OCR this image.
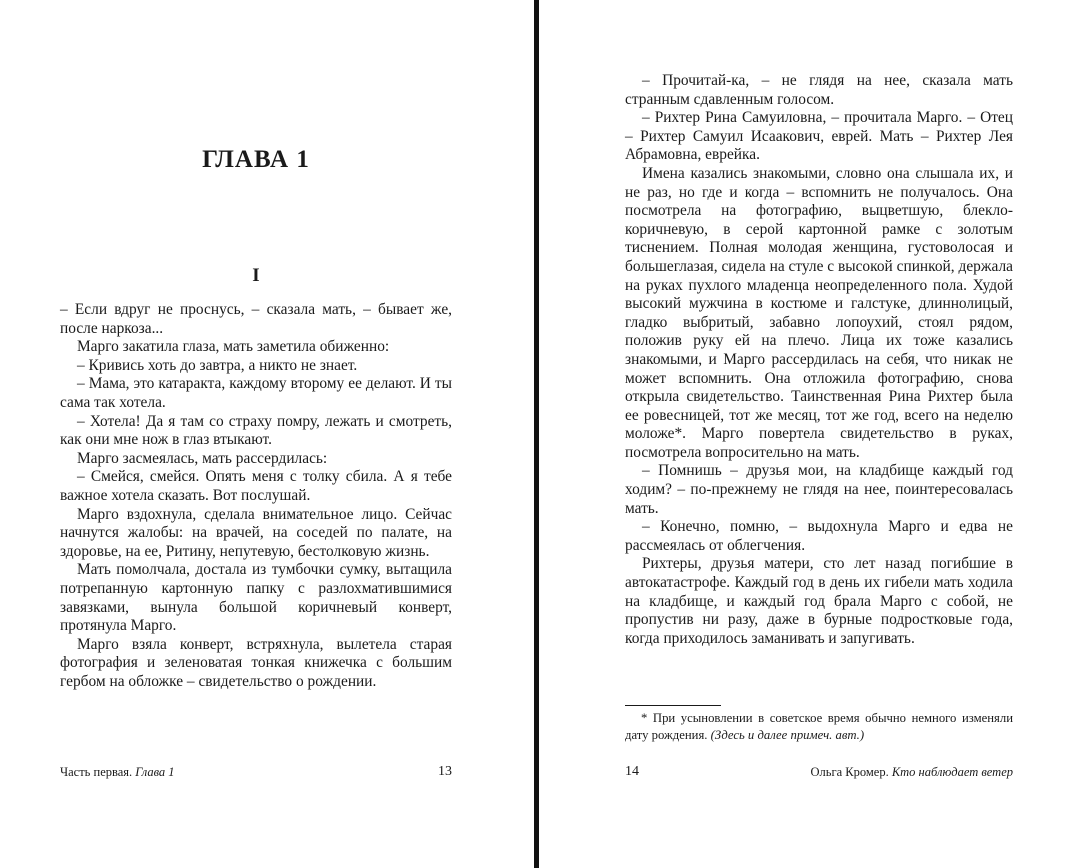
ГЛАВА 1
I

– Если вдруг не проснусь, – сказала мать, – бывает же, после наркоза...

Марго закатила глаза, мать заметила обиженно:

– Кривись хоть до завтра, а никто не знает.

– Мама, это катаракта, каждому второму ее делают. И ты сама так хотела.

– Хотела! Да я там со страху помру, лежать и смотреть, как они мне нож в глаз втыкают.

Марго засмеялась, мать рассердилась:

– Смейся, смейся. Опять меня с толку сбила. А я тебе важное хотела сказать. Вот послушай.

Марго вздохнула, сделала внимательное лицо. Сейчас начнутся жалобы: на врачей, на соседей по палате, на здоровье, на ее, Ритину, непутевую, бестолковую жизнь.

Мать помолчала, достала из тумбочки сумку, вытащила потрепанную картонную папку с разлохматившимися завязками, вынула большой коричневый конверт, протянула Марго.

Марго взяла конверт, встряхнула, вылетела старая фотография и зеленоватая тонкая книжечка с большим гербом на обложке – свидетельство о рождении.

Часть первая. Глава 1	13

– Прочитай-ка, – не глядя на нее, сказала мать странным сдавленным голосом.

– Рихтер Рина Самуиловна, – прочитала Марго. – Отец – Рихтер Самуил Исаакович, еврей. Мать – Рихтер Лея Абрамовна, еврейка.

Имена казались знакомыми, словно она слышала их, и не раз, но где и когда – вспомнить не получалось. Она посмотрела на фотографию, выцветшую, блекло-коричневую, в серой картонной рамке с золотым тиснением. Полная молодая женщина, густоволосая и большеглазая, сидела на стуле с высокой спинкой, держала на руках пухлого младенца неопределенного пола. Худой высокий мужчина в костюме и галстуке, длиннолицый, гладко выбритый, забавно лопоухий, стоял рядом, положив руку ей на плечо. Лица их тоже казались знакомыми, и Марго рассердилась на себя, что никак не может вспомнить. Она отложила фотографию, снова открыла свидетельство. Таинственная Рина Рихтер была ее ровесницей, тот же месяц, тот же год, всего на неделю моложе*. Марго повертела свидетельство в руках, посмотрела вопросительно на мать.

– Помнишь – друзья мои, на кладбище каждый год ходим? – по-прежнему не глядя на нее, поинтересовалась мать.

– Конечно, помню, – выдохнула Марго и едва не рассмеялась от облегчения.

Рихтеры, друзья матери, сто лет назад погибшие в автокатастрофе. Каждый год в день их гибели мать ходила на кладбище, и каждый год брала Марго с собой, не пропустив ни разу, даже в бурные подростковые года, когда приходилось заманивать и запугивать.

* При усыновлении в советское время обычно немного изменяли дату рождения. (Здесь и далее примеч. авт.)

14	Ольга Кромер. Кто наблюдает ветер
